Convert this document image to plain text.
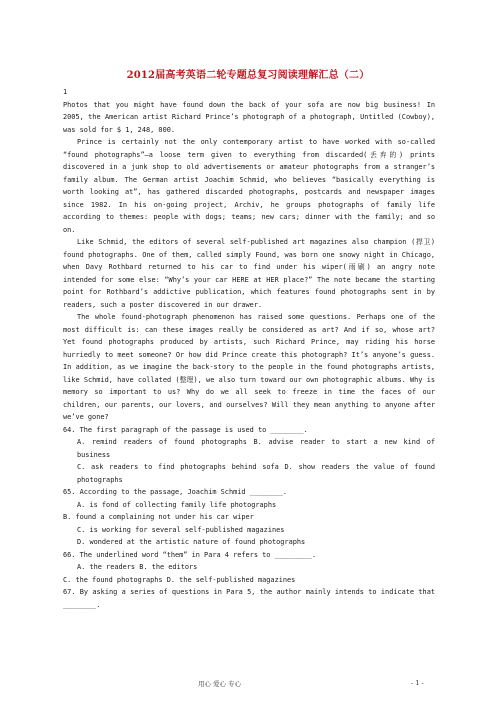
2012届高考英语二轮专题总复习阅读理解汇总（二）

1

Photos that you might have found down the back of your sofa are now big business! In 2005, the American artist Richard Prince’s photograph of a photograph, Untitled (Cowboy), was sold for $ 1, 248, 000.

Prince is certainly not the only contemporary artist to have worked with so-called “found photographs”—a loose term given to everything from discarded(丢弃的) prints discovered in a junk shop to old advertisements or amateur photographs from a stranger’s family album. The German artist Joachim Schmid, who believes “basically everything is worth looking at”, has gathered discarded photographs, postcards and newspaper images since 1982. In his on-going project, Archiv, he groups photographs of family life according to themes: people with dogs; teams; new cars; dinner with the family; and so on.

Like Schmid, the editors of several self-published art magazines also champion (捍卫) found photographs. One of them, called simply Found, was born one snowy night in Chicago, when Davy Rothbard returned to his car to find under his wiper(雨刷) an angry note intended for some else: “Why’s your car HERE at HER place?” The note became the starting point for Rothbard’s addictive publication, which features found photographs sent in by readers, such a poster discovered in our drawer.

The whole found-photograph phenomenon has raised some questions. Perhaps one of the most difficult is: can these images really be considered as art? And if so, whose art? Yet found photographs produced by artists, such Richard Prince, may riding his horse hurriedly to meet someone? Or how did Prince create this photograph? It’s anyone’s guess. In addition, as we imagine the back-story to the people in the found photographs artists, like Schmid, have collated (整理), we also turn toward our own photographic albums. Why is memory so important to us? Why do we all seek to freeze in time the faces of our children, our parents, our lovers, and ourselves? Will they mean anything to anyone after we’ve gone?

64. The first paragraph of the passage is used to ________.

A. remind readers of found photographs B. advise reader to start a new kind of business

C. ask readers to find photographs behind sofa D. show readers the value of found photographs

65. According to the passage, Joachim Schmid ________.

A. is fond of collecting family life photographs

B. found a complaining not under his car wiper

C. is working for several self-published magazines

D. wondered at the artistic nature of found photographs

66. The underlined word “them” in Para 4 refers to _________.

A. the readers B. the editors

C. the found photographs D. the self-published magazines

67. By asking a series of questions in Para 5, the author mainly intends to indicate that ________.

用心 爱心 专心	- 1 -
